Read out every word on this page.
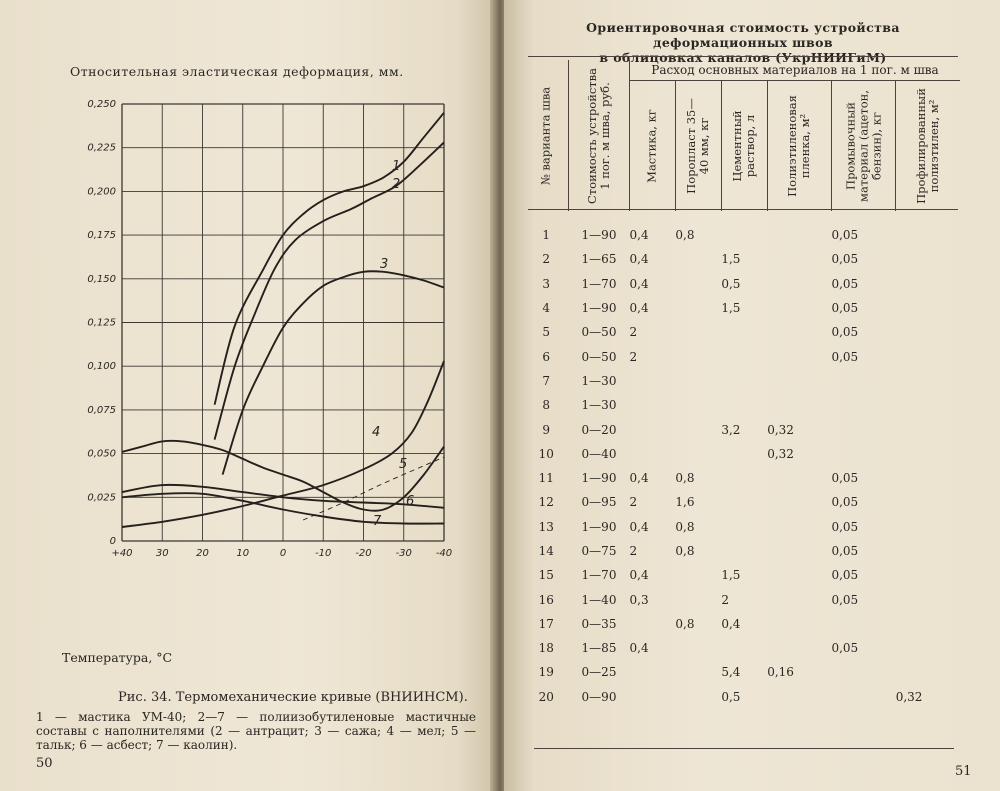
Относительная эластическая деформация, мм.
0
0,025
0,050
0,075
0,100
0,125
0,150
0,175
0,200
0,225
0,250
+40 30	20	10	0	-10 -20 -30 -40
1
2
3
4
5
6
7
Температура, °С
Рис. 34. Термомеханические кривые (ВНИИНСМ).
1 — мастика УМ-40; 2—7 — полиизобутиленовые мастичные составы с наполнителями (2 — антрацит; 3 — сажа; 4 — мел; 5 — тальк; 6 — асбест; 7 — каолин).
50
Ориентировочная стоимость устройства деформационных швов
в облицовках каналов (УкрНИИГиМ)
№ варианта шва	Стоимость устройства 1 пог. м шва, руб.	Расход основных материалов на 1 пог. м шва					

		Мастика, кг	Поропласт 35—40 мм, кг	Цементный раствор, л	Полиэтиленовая пленка, м²	Промывочный материал (ацетон, бензин), кг	Профилированный полиэтилен, м²

1	1—90	0,4	0,8			0,05	
2	1—65	0,4		1,5		0,05	
3	1—70	0,4		0,5		0,05	
4	1—90	0,4		1,5		0,05	
5	0—50	2				0,05	
6	0—50	2				0,05	
7	1—30						
8	1—30						
9	0—20			3,2	0,32		
10	0—40				0,32		
11	1—90	0,4	0,8			0,05	
12	0—95	2	1,6			0,05	
13	1—90	0,4	0,8			0,05	
14	0—75	2	0,8			0,05	
15	1—70	0,4		1,5		0,05	
16	1—40	0,3		2		0,05	
17	0—35		0,8	0,4			
18	1—85	0,4				0,05	
19	0—25			5,4	0,16		
20	0—90			0,5			0,32
51
